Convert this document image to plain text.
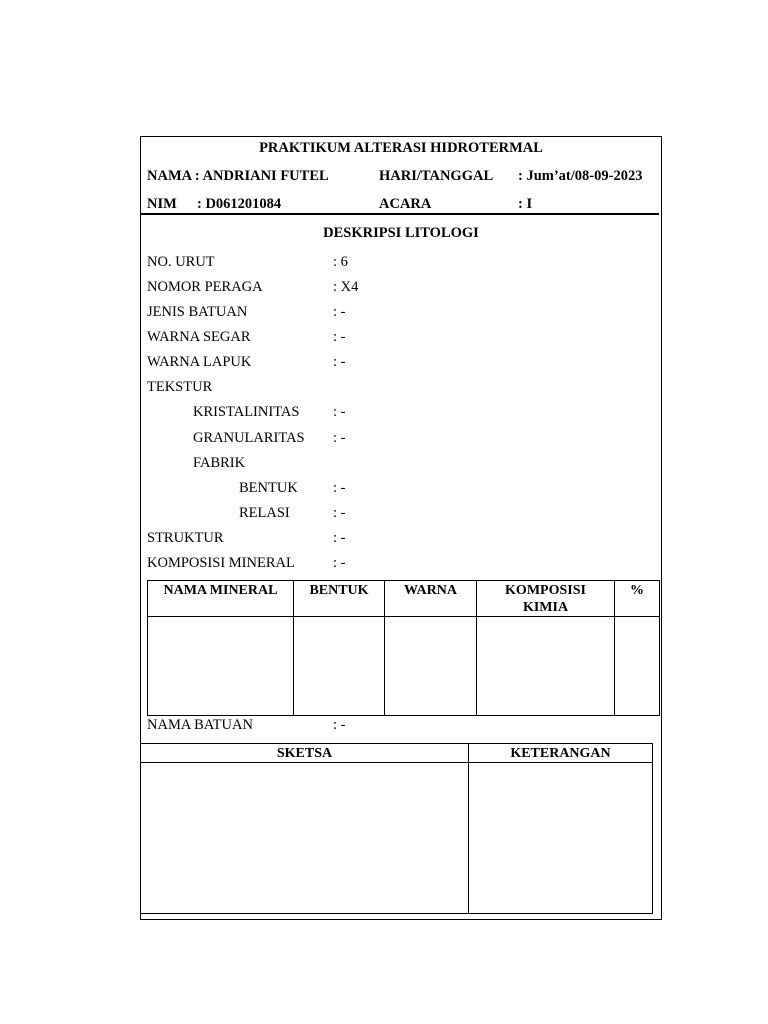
PRAKTIKUM ALTERASI HIDROTERMAL
NAMA : ANDRIANI FUTEL	HARI/TANGGAL : Jum’at/08-09-2023
NIM : D061201084	ACARA	: I
DESKRIPSI LITOLOGI
NO. URUT	: 6
NOMOR PERAGA	: X4
JENIS BATUAN	: -
WARNA SEGAR	: -
WARNA LAPUK	: -
TEKSTUR
KRISTALINITAS : -
GRANULARITAS : -
FABRIK
BENTUK : -
RELASI	: -
STRUKTUR	: -
KOMPOSISI MINERAL	: -
NAMA MINERAL	BENTUK	WARNA	KOMPOSISI KIMIA	%

NAMA BATUAN	: -
SKETSA	KETERANGAN
